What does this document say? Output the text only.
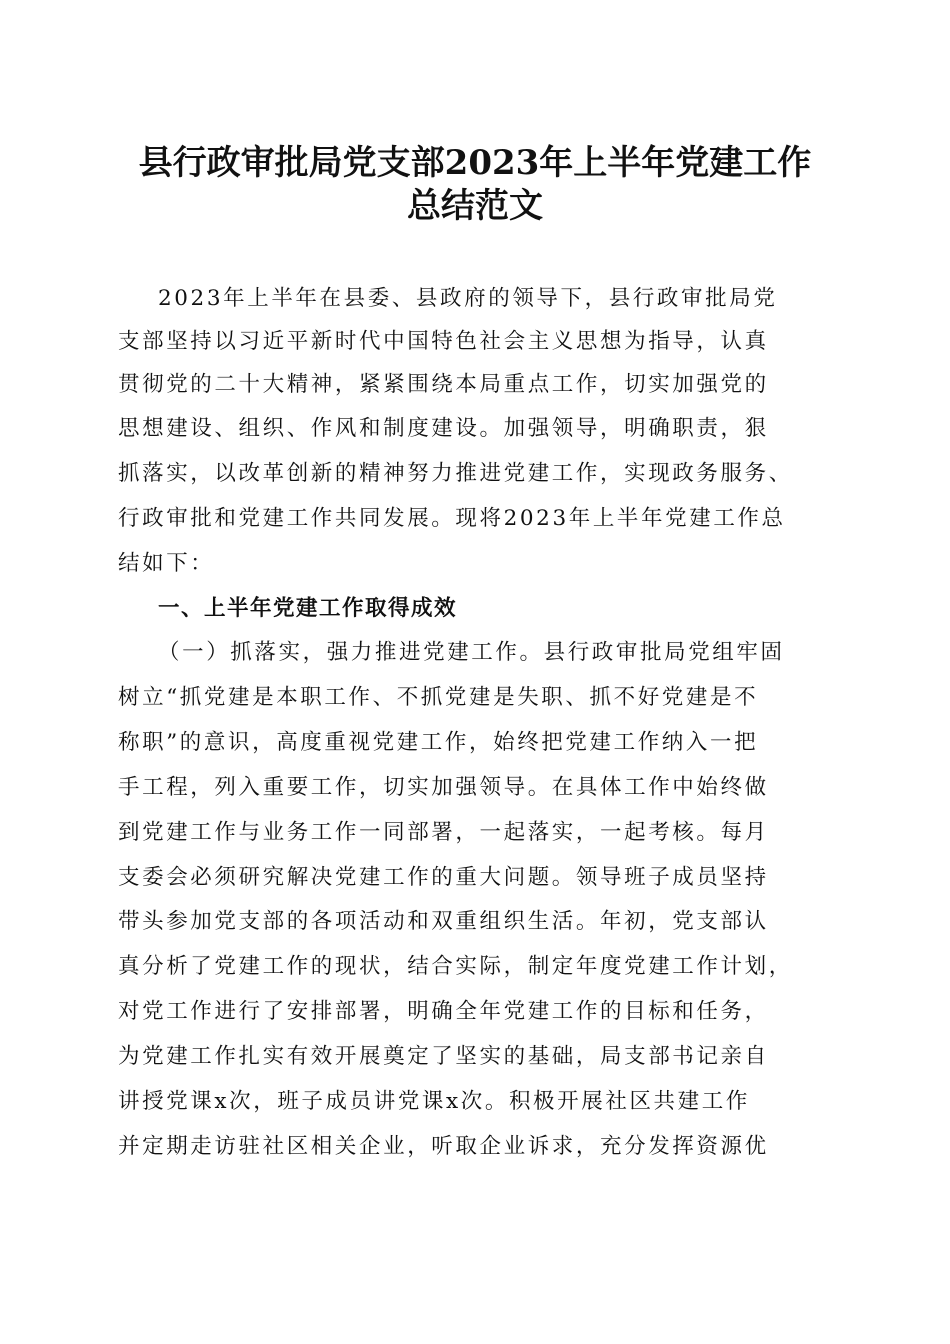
县行政审批局党支部2023年上半年党建工作
总结范文
2023年上半年在县委、县政府的领导下，县行政审批局党
支部坚持以习近平新时代中国特色社会主义思想为指导，认真
贯彻党的二十大精神，紧紧围绕本局重点工作，切实加强党的
思想建设、组织、作风和制度建设。加强领导，明确职责，狠
抓落实，以改革创新的精神努力推进党建工作，实现政务服务、
行政审批和党建工作共同发展。现将2023年上半年党建工作总
结如下：
一、上半年党建工作取得成效
（一）抓落实，强力推进党建工作。县行政审批局党组牢固
树立“抓党建是本职工作、不抓党建是失职、抓不好党建是不
称职”的意识，高度重视党建工作，始终把党建工作纳入一把
手工程，列入重要工作，切实加强领导。在具体工作中始终做
到党建工作与业务工作一同部署，一起落实，一起考核。每月
支委会必须研究解决党建工作的重大问题。领导班子成员坚持
带头参加党支部的各项活动和双重组织生活。年初，党支部认
真分析了党建工作的现状，结合实际，制定年度党建工作计划，
对党工作进行了安排部署，明确全年党建工作的目标和任务，
为党建工作扎实有效开展奠定了坚实的基础，局支部书记亲自
讲授党课x次，班子成员讲党课x次。积极开展社区共建工作
并定期走访驻社区相关企业，听取企业诉求，充分发挥资源优
